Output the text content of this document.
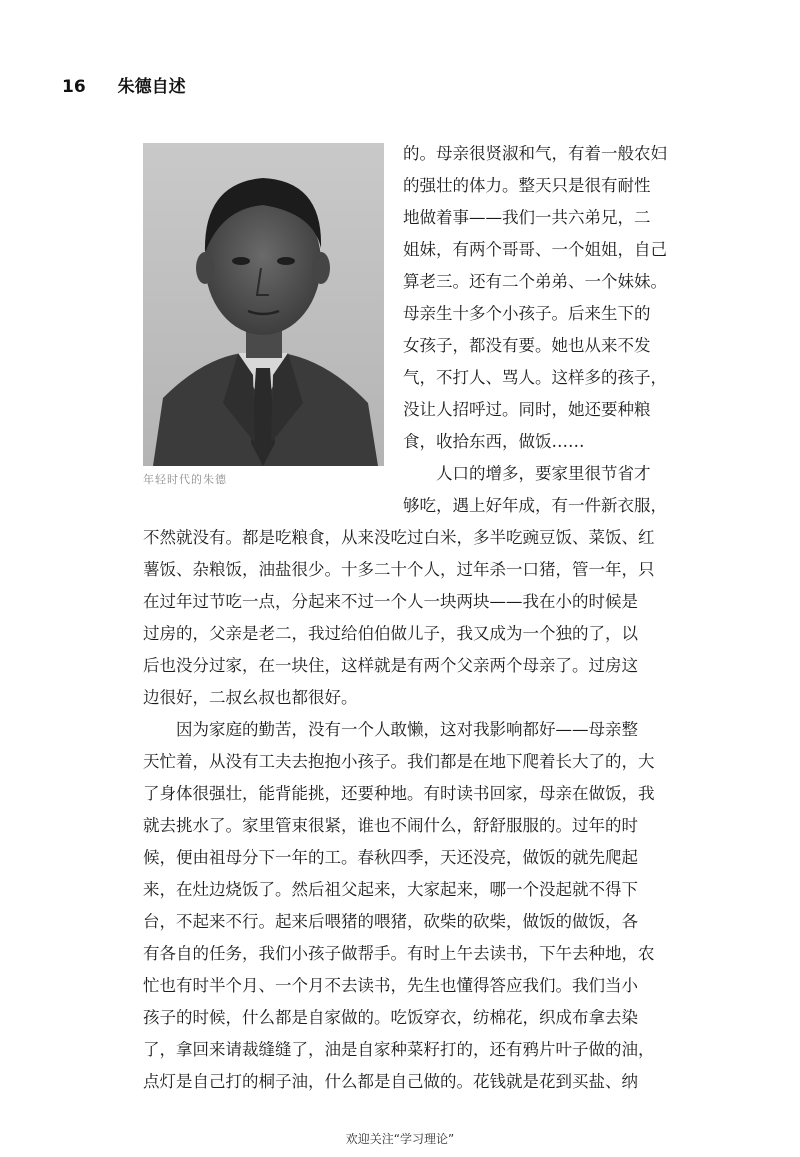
16 朱德自述
年轻时代的朱德
的。母亲很贤淑和气，有着一般农妇
的强壮的体力。整天只是很有耐性
地做着事——我们一共六弟兄，二
姐妹，有两个哥哥、一个姐姐，自己
算老三。还有二个弟弟、一个妹妹。
母亲生十多个小孩子。后来生下的
女孩子，都没有要。她也从来不发
气，不打人、骂人。这样多的孩子，
没让人招呼过。同时，她还要种粮
食，收拾东西，做饭……
人口的增多，要家里很节省才
够吃，遇上好年成，有一件新衣服，
不然就没有。都是吃粮食，从来没吃过白米，多半吃豌豆饭、菜饭、红
薯饭、杂粮饭，油盐很少。十多二十个人，过年杀一口猪，管一年，只
在过年过节吃一点，分起来不过一个人一块两块——我在小的时候是
过房的，父亲是老二，我过给伯伯做儿子，我又成为一个独的了，以
后也没分过家，在一块住，这样就是有两个父亲两个母亲了。过房这
边很好，二叔幺叔也都很好。
因为家庭的勤苦，没有一个人敢懒，这对我影响都好——母亲整
天忙着，从没有工夫去抱抱小孩子。我们都是在地下爬着长大了的，大
了身体很强壮，能背能挑，还要种地。有时读书回家，母亲在做饭，我
就去挑水了。家里管束很紧，谁也不闹什么，舒舒服服的。过年的时
候，便由祖母分下一年的工。春秋四季，天还没亮，做饭的就先爬起
来，在灶边烧饭了。然后祖父起来，大家起来，哪一个没起就不得下
台，不起来不行。起来后喂猪的喂猪，砍柴的砍柴，做饭的做饭，各
有各自的任务，我们小孩子做帮手。有时上午去读书，下午去种地，农
忙也有时半个月、一个月不去读书，先生也懂得答应我们。我们当小
孩子的时候，什么都是自家做的。吃饭穿衣，纺棉花，织成布拿去染
了，拿回来请裁缝缝了，油是自家种菜籽打的，还有鸦片叶子做的油，
点灯是自己打的桐子油，什么都是自己做的。花钱就是花到买盐、纳
欢迎关注“学习理论”
